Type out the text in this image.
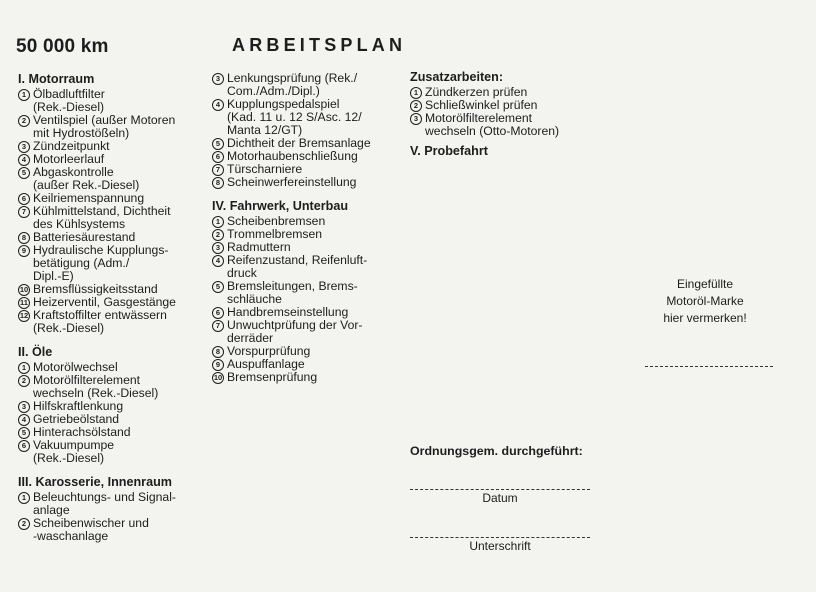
50 000 km	ARBEITSPLAN
I. Motorraum
1 Ölbadluftfilter
(Rek.-Diesel)
2 Ventilspiel (außer Motoren
mit Hydrostößeln)
3 Zündzeitpunkt
4 Motorleerlauf
5 Abgaskontrolle
(außer Rek.-Diesel)
6 Keilriemenspannung
7 Kühlmittelstand, Dichtheit
des Kühlsystems
8 Batteriesäurestand
9 Hydraulische Kupplungs-
betätigung (Adm./
Dipl.-E)
10 Bremsflüssigkeitsstand
11 Heizerventil, Gasgestänge
12 Kraftstoffilter entwässern
(Rek.-Diesel)
II. Öle
1 Motorölwechsel
2 Motorölfilterelement
wechseln (Rek.-Diesel)
3 Hilfskraftlenkung
4 Getriebeölstand
5 Hinterachsölstand
6 Vakuumpumpe
(Rek.-Diesel)
III. Karosserie, Innenraum
1 Beleuchtungs- und Signal-
anlage
2 Scheibenwischer und
-waschanlage
3 Lenkungsprüfung (Rek./
Com./Adm./Dipl.)
4 Kupplungspedalspiel
(Kad. 11 u. 12 S/Asc. 12/
Manta 12/GT)
5 Dichtheit der Bremsanlage
6 Motorhaubenschließung
7 Türscharniere
8 Scheinwerfereinstellung
IV. Fahrwerk, Unterbau
1 Scheibenbremsen
2 Trommelbremsen
3 Radmuttern
4 Reifenzustand, Reifenluft-
druck
5 Bremsleitungen, Brems-
schläuche
6 Handbremseinstellung
7 Unwuchtprüfung der Vor-
derräder
8 Vorspurprüfung
9 Auspuffanlage
10 Bremsenprüfung
Zusatzarbeiten:
1 Zündkerzen prüfen
2 Schließwinkel prüfen
3 Motorölfilterelement
wechseln (Otto-Motoren)
V. Probefahrt
Eingefüllte
Motoröl-Marke
hier vermerken!
Ordnungsgem. durchgeführt:
Datum
Unterschrift
